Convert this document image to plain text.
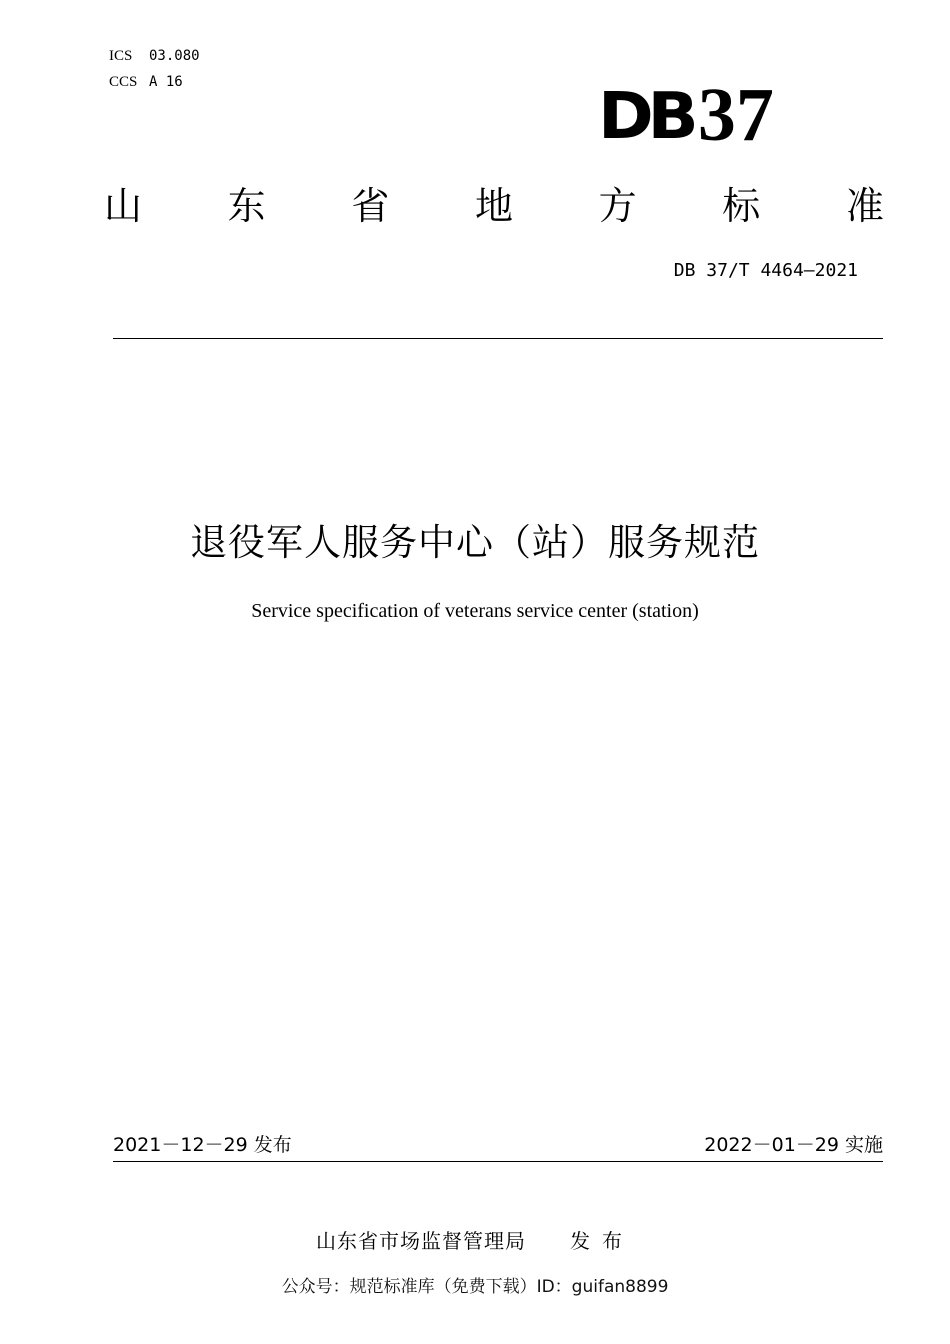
ICS 03.080
CCS A 16	DB37
山 东 省 地 方 标 准
DB 37/T 4464—2021
退役军人服务中心（站）服务规范
Service specification of veterans service center (station)
2021－12－29 发布	2022－01－29 实施
山东省市场监督管理局 发布
公众号：规范标准库（免费下载）ID：guifan8899
